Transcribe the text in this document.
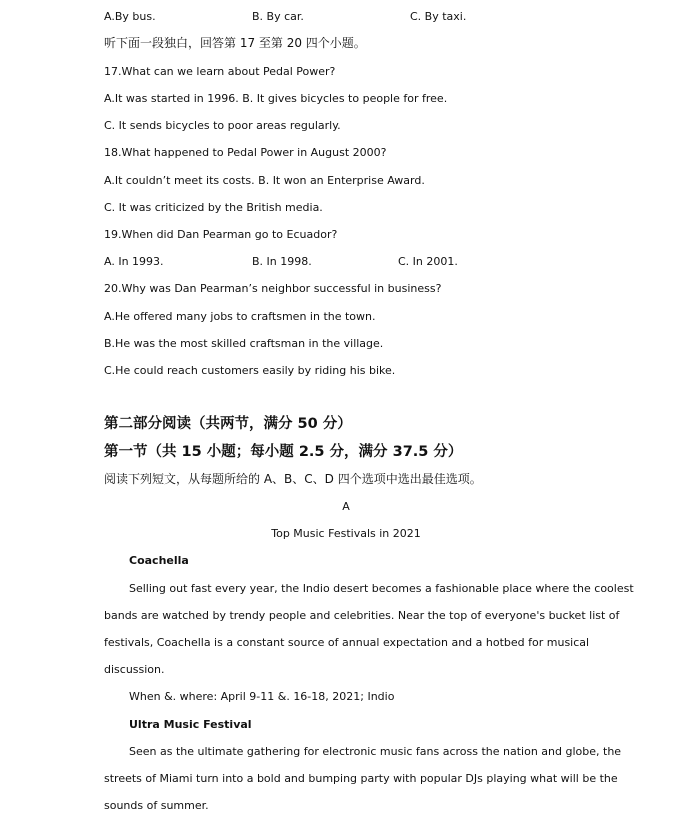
A.By bus.	B. By car.	C. By taxi.
听下面一段独白，回答第 17 至第 20 四个小题。
17.What can we learn about Pedal Power?
A.It was started in 1996. B. It gives bicycles to people for free.
C. It sends bicycles to poor areas regularly.
18.What happened to Pedal Power in August 2000?
A.It couldn’t meet its costs. B. It won an Enterprise Award.
C. It was criticized by the British media.
19.When did Dan Pearman go to Ecuador?
A. In 1993.	B. In 1998.	C. In 2001.
20.Why was Dan Pearman’s neighbor successful in business?
A.He offered many jobs to craftsmen in the town.
B.He was the most skilled craftsman in the village.
C.He could reach customers easily by riding his bike.
第二部分阅读（共两节，满分 50 分）
第一节（共 15 小题；每小题 2.5 分，满分 37.5 分）
阅读下列短文，从每题所给的 A、B、C、D 四个选项中选出最佳选项。
A
Top Music Festivals in 2021
Coachella
Selling out fast every year, the Indio desert becomes a fashionable place where the coolest
bands are watched by trendy people and celebrities. Near the top of everyone's bucket list of
festivals, Coachella is a constant source of annual expectation and a hotbed for musical
discussion.
When &. where: April 9-11 &. 16-18, 2021; Indio
Ultra Music Festival
Seen as the ultimate gathering for electronic music fans across the nation and globe, the
streets of Miami turn into a bold and bumping party with popular DJs playing what will be the
sounds of summer.
